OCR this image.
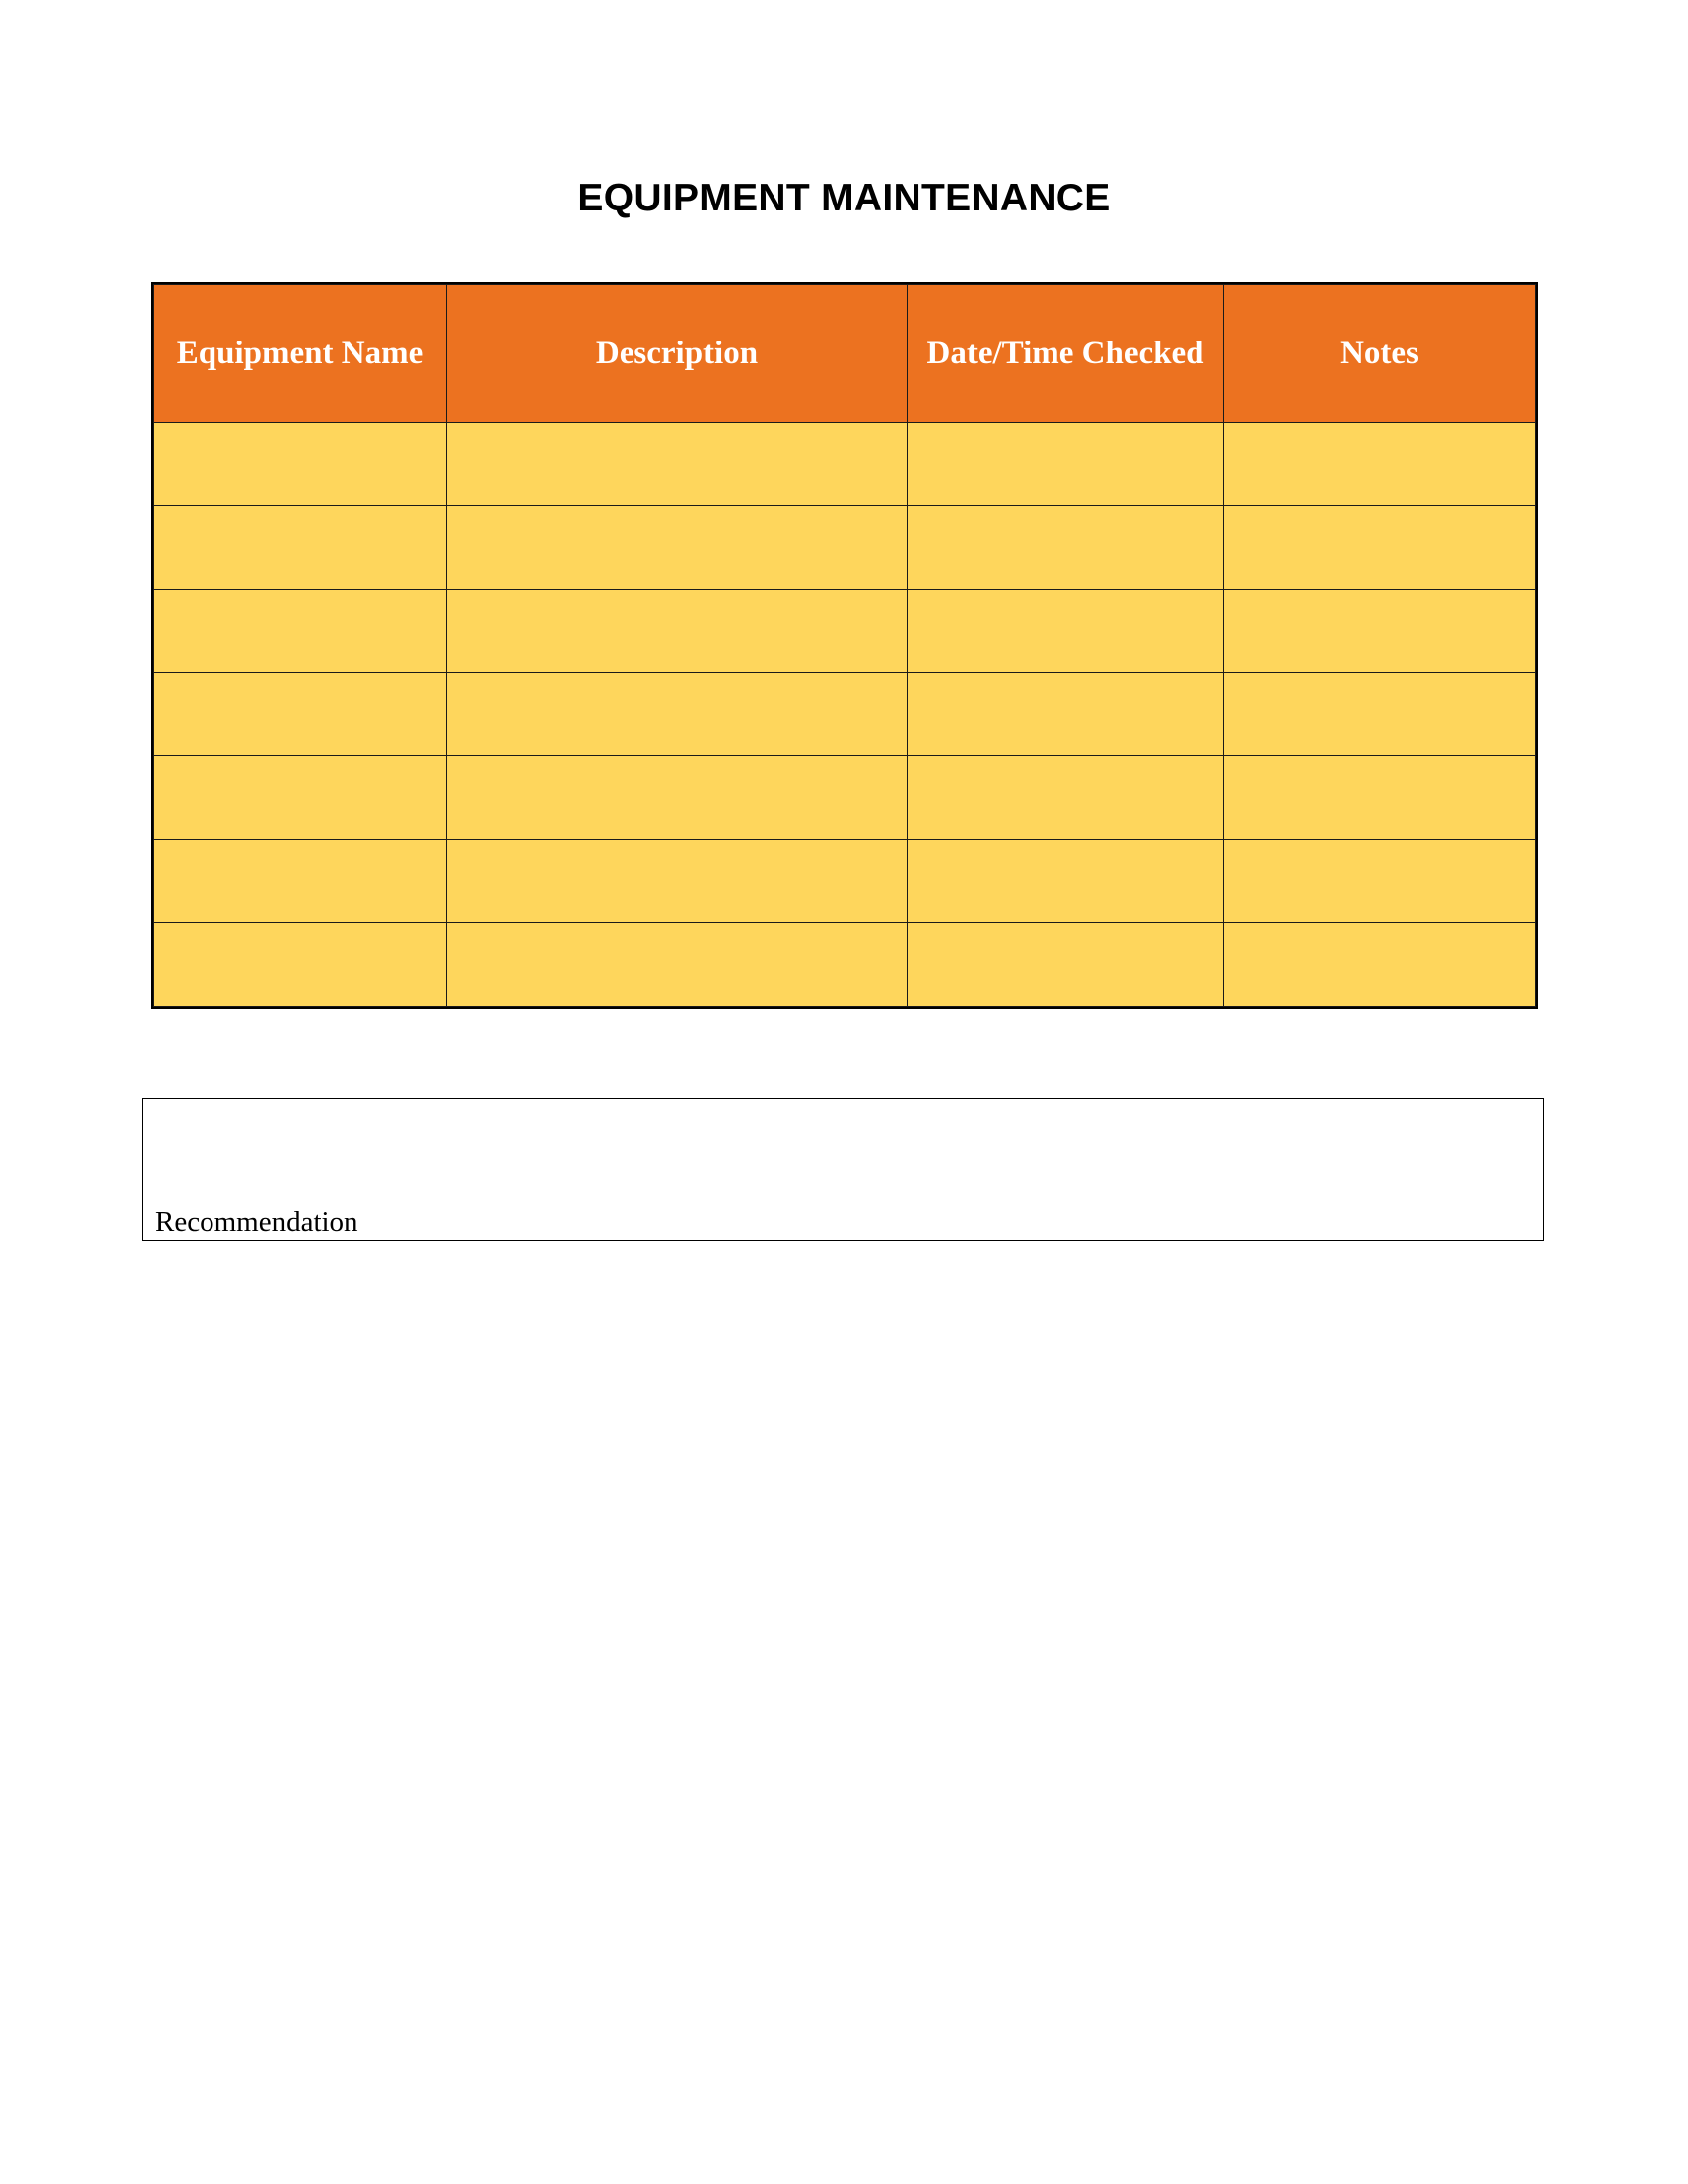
EQUIPMENT MAINTENANCE
Equipment Name	Description	Date/Time Checked	Notes

Recommendation
